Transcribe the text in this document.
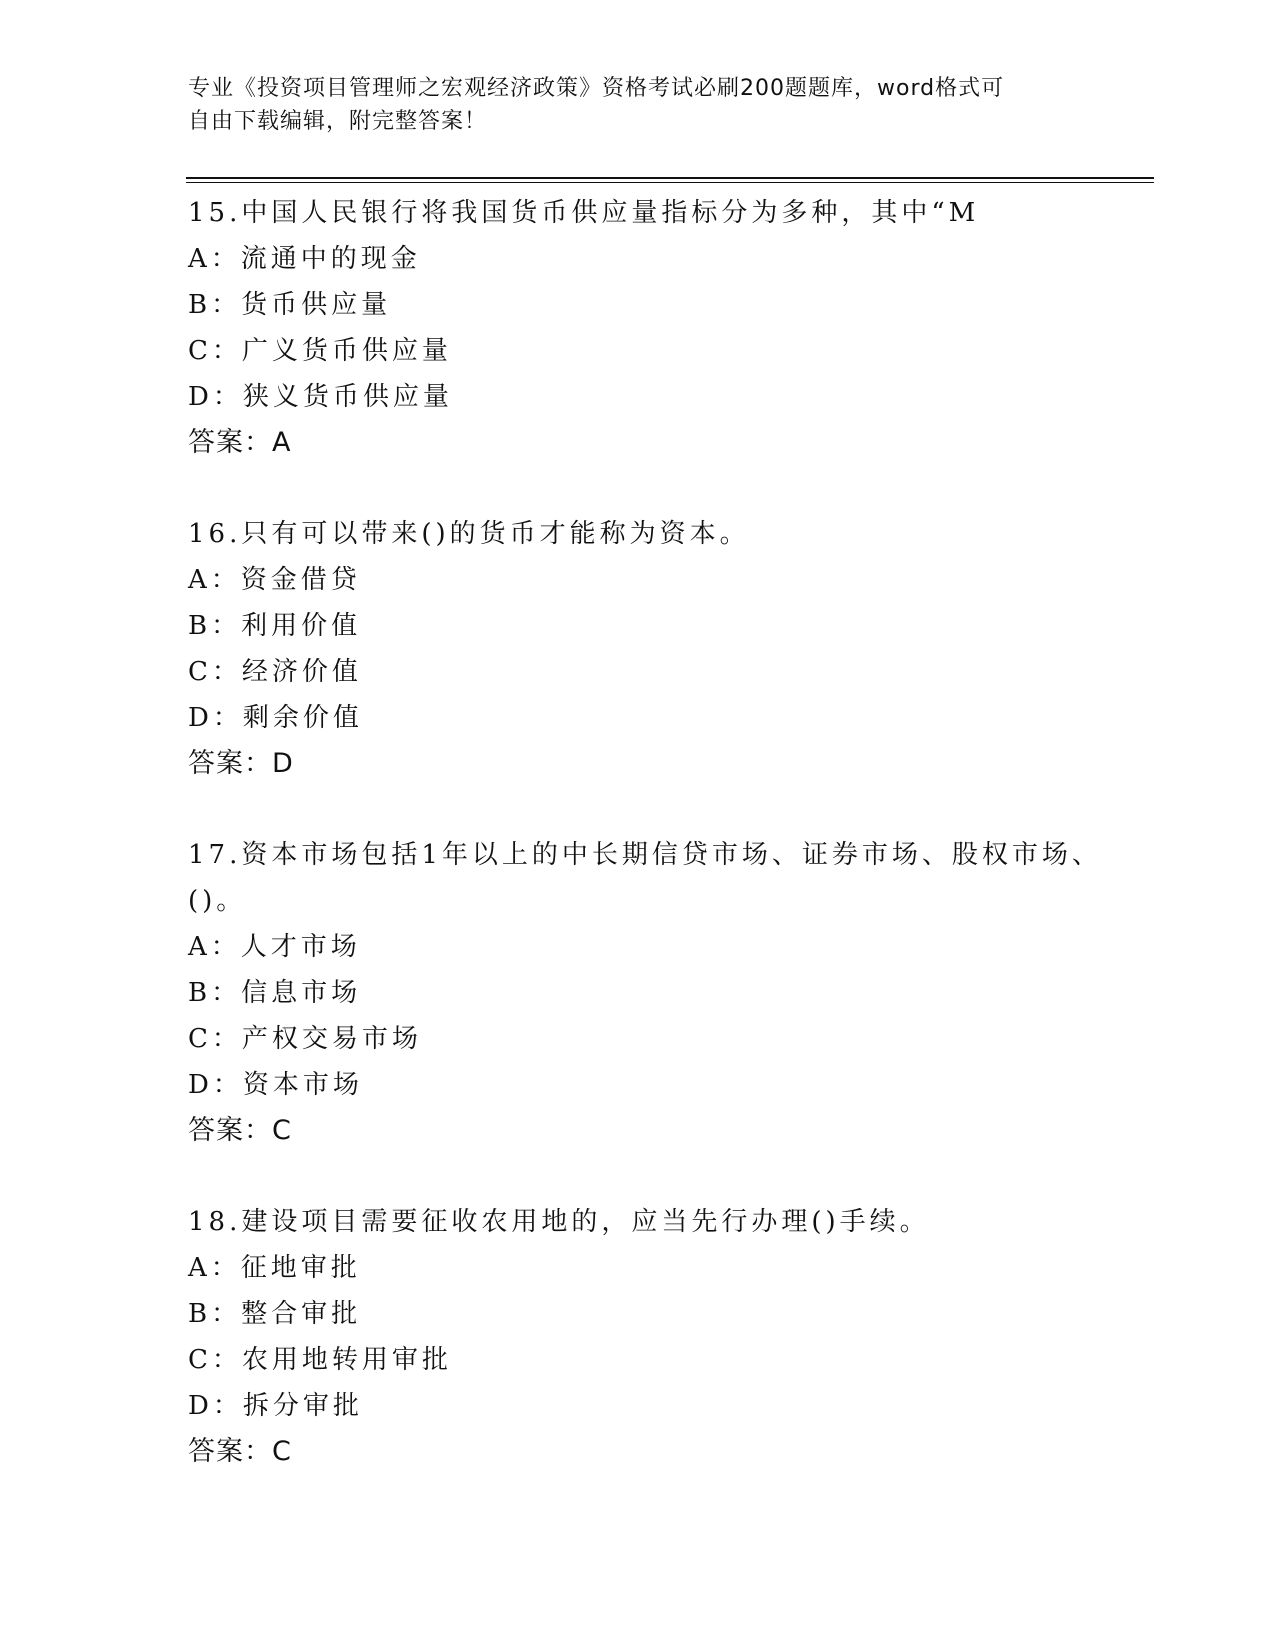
专业《投资项目管理师之宏观经济政策》资格考试必刷200题题库，word格式可
自由下载编辑，附完整答案！
15.中国人民银行将我国货币供应量指标分为多种，其中“M
A：流通中的现金
B：货币供应量
C：广义货币供应量
D：狭义货币供应量
答案：A
16.只有可以带来()的货币才能称为资本。
A：资金借贷
B：利用价值
C：经济价值
D：剩余价值
答案：D
17.资本市场包括1年以上的中长期信贷市场、证券市场、股权市场、
()。
A：人才市场
B：信息市场
C：产权交易市场
D：资本市场
答案：C
18.建设项目需要征收农用地的，应当先行办理()手续。
A：征地审批
B：整合审批
C：农用地转用审批
D：拆分审批
答案：C
